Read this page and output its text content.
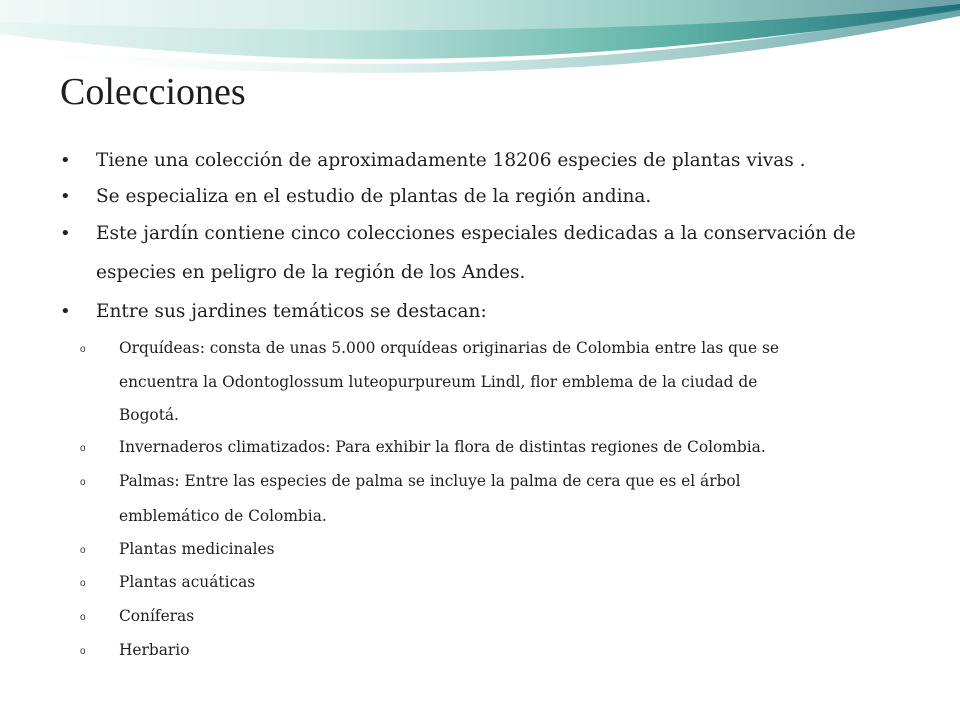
Colecciones
• Tiene una colección de aproximadamente 18206 especies de plantas vivas .
• Se especializa en el estudio de plantas de la región andina.
• Este jardín contiene cinco colecciones especiales dedicadas a la conservación de
especies en peligro de la región de los Andes.
• Entre sus jardines temáticos se destacan:
o Orquídeas: consta de unas 5.000 orquídeas originarias de Colombia entre las que se
encuentra la Odontoglossum luteopurpureum Lindl, flor emblema de la ciudad de
Bogotá.
o Invernaderos climatizados: Para exhibir la flora de distintas regiones de Colombia.
o Palmas: Entre las especies de palma se incluye la palma de cera que es el árbol
emblemático de Colombia.
o Plantas medicinales
o Plantas acuáticas
o Coníferas
o Herbario
